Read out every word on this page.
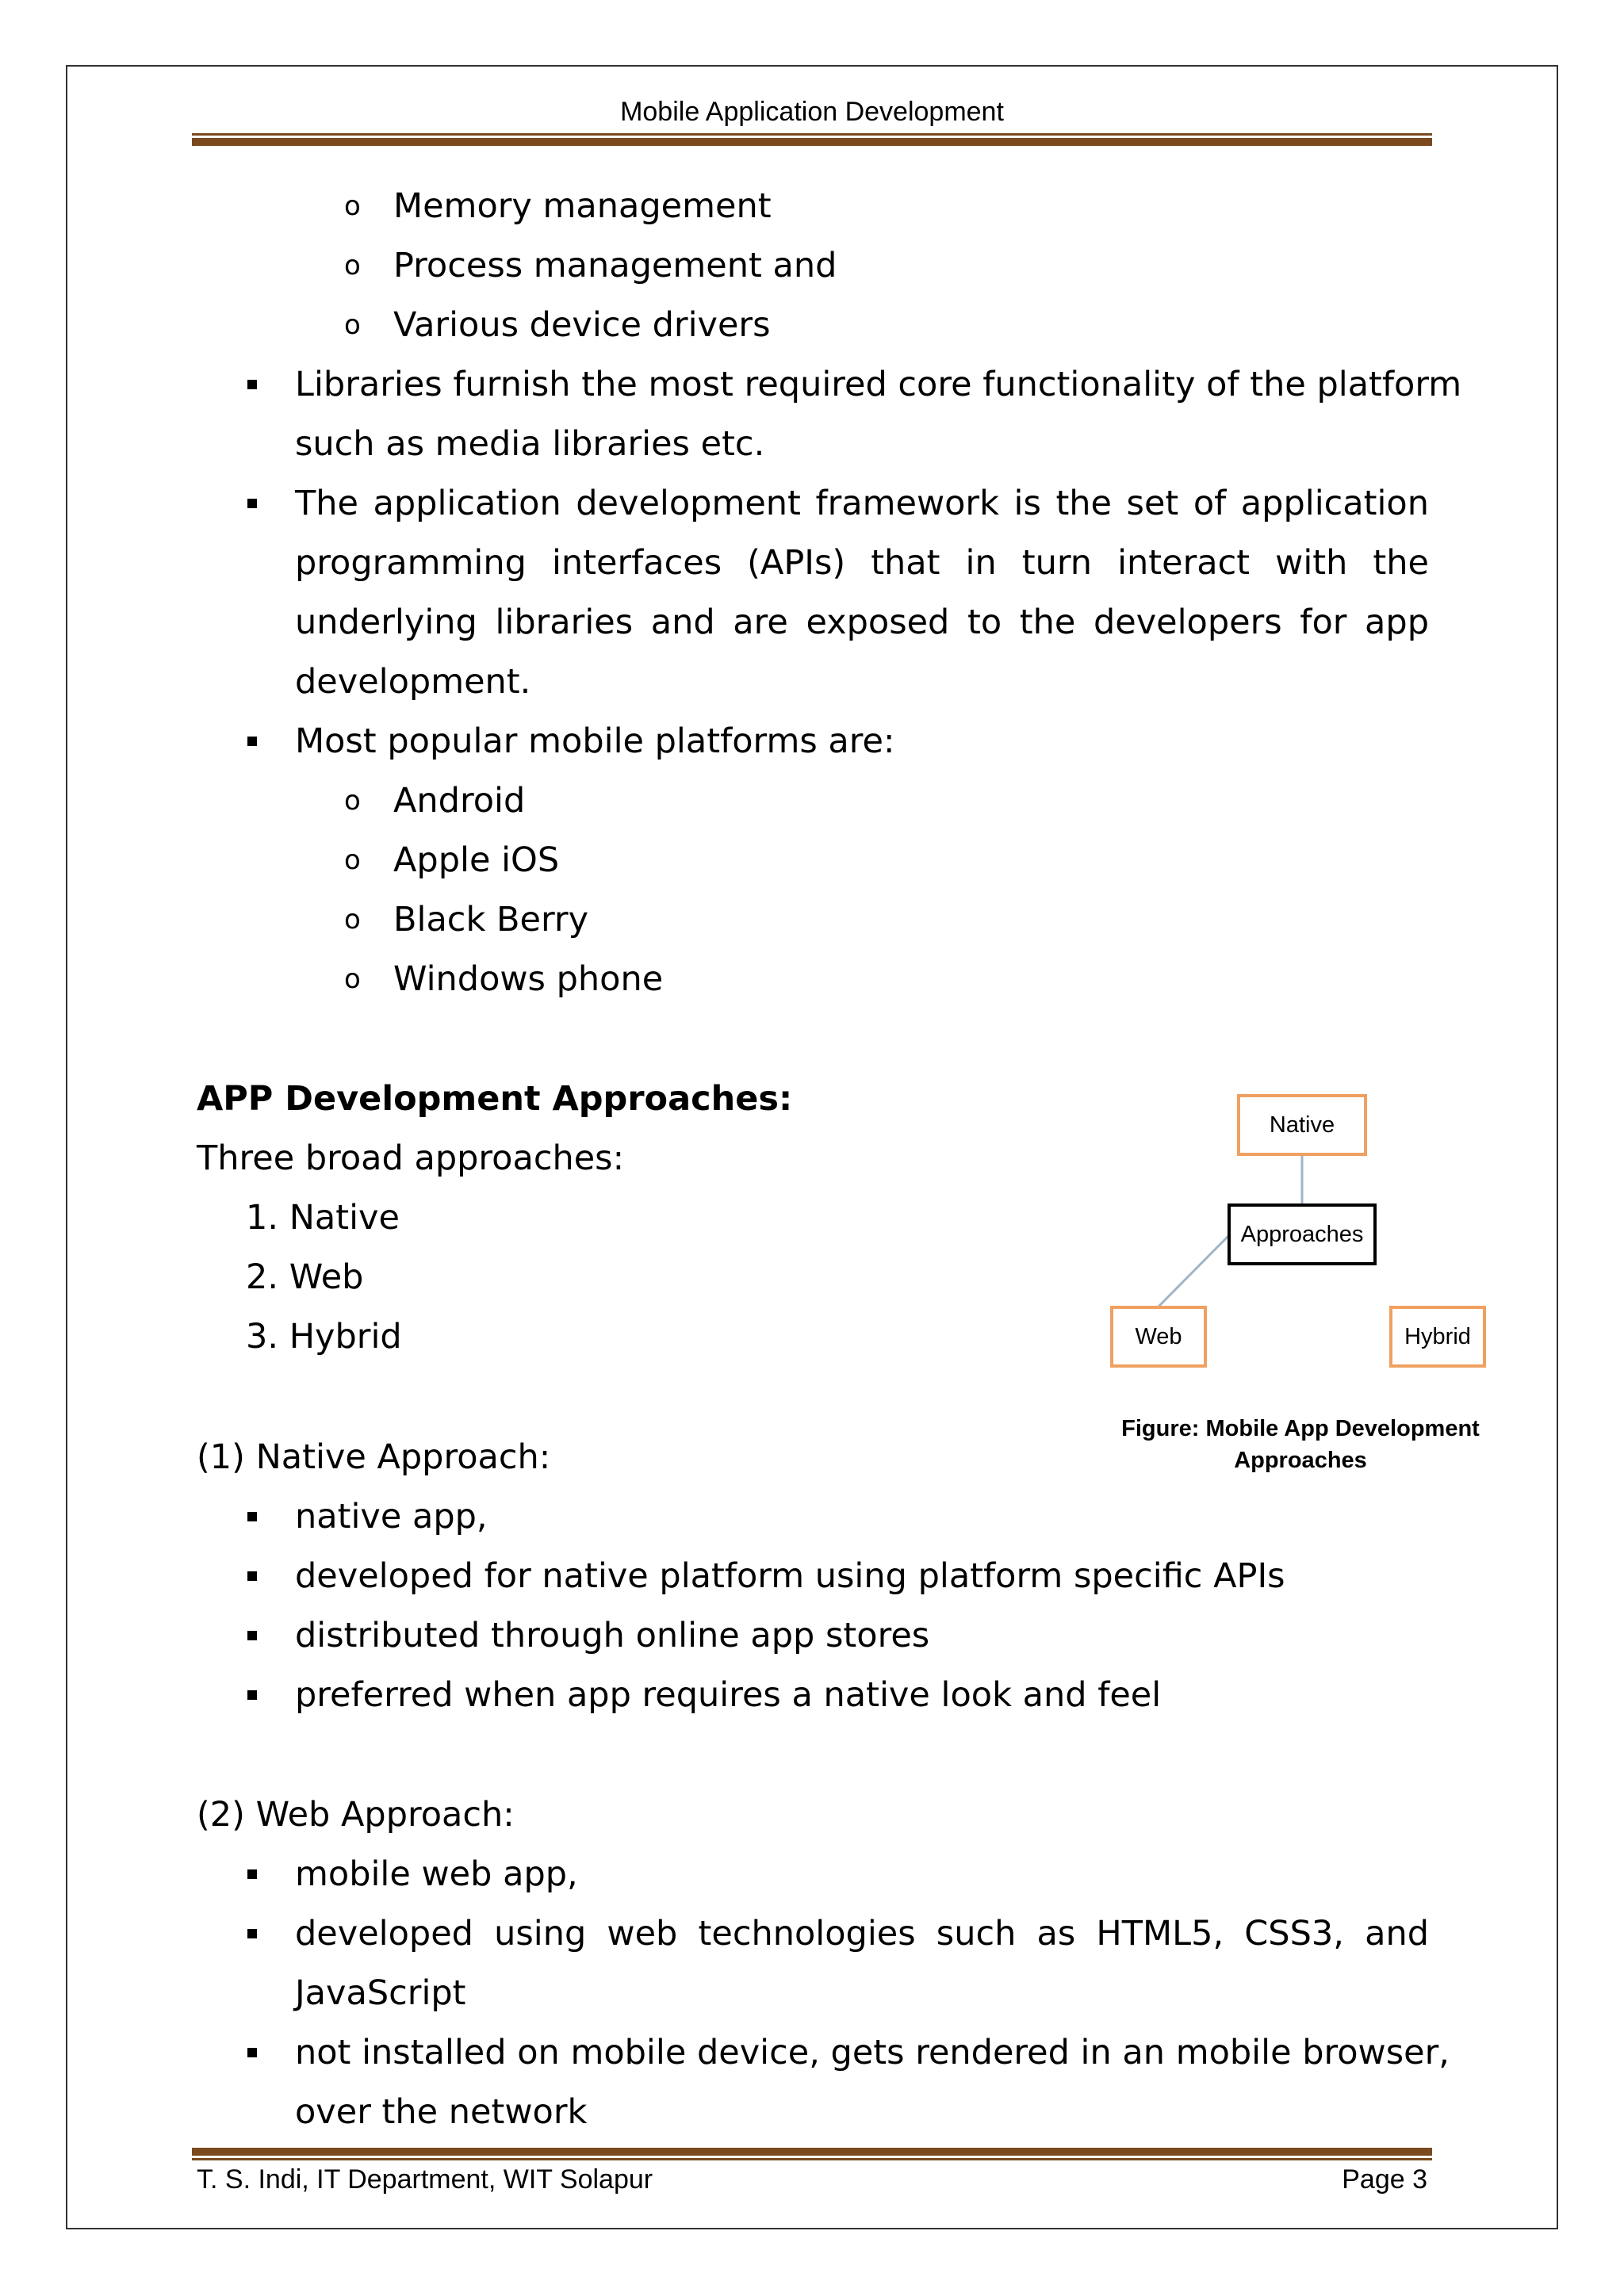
Mobile Application Development
o Memory management
o Process management and
o Various device drivers
Libraries furnish the most required core functionality of the platform
such as media libraries etc.
The application development framework is the set of application
programming interfaces (APIs) that in turn interact with the
underlying libraries and are exposed to the developers for app
development.
Most popular mobile platforms are:
o Android
o Apple iOS
o Black Berry
o Windows phone
APP Development Approaches:
Three broad approaches:
1. Native
2. Web
3. Hybrid
Native
Approaches
Web	Hybrid
Figure: Mobile App Development
Approaches
(1) Native Approach:
native app,
developed for native platform using platform specific APIs
distributed through online app stores
preferred when app requires a native look and feel
(2) Web Approach:
mobile web app,
developed using web technologies such as HTML5, CSS3, and
JavaScript
not installed on mobile device, gets rendered in an mobile browser,
over the network
T. S. Indi, IT Department, WIT Solapur	Page 3
